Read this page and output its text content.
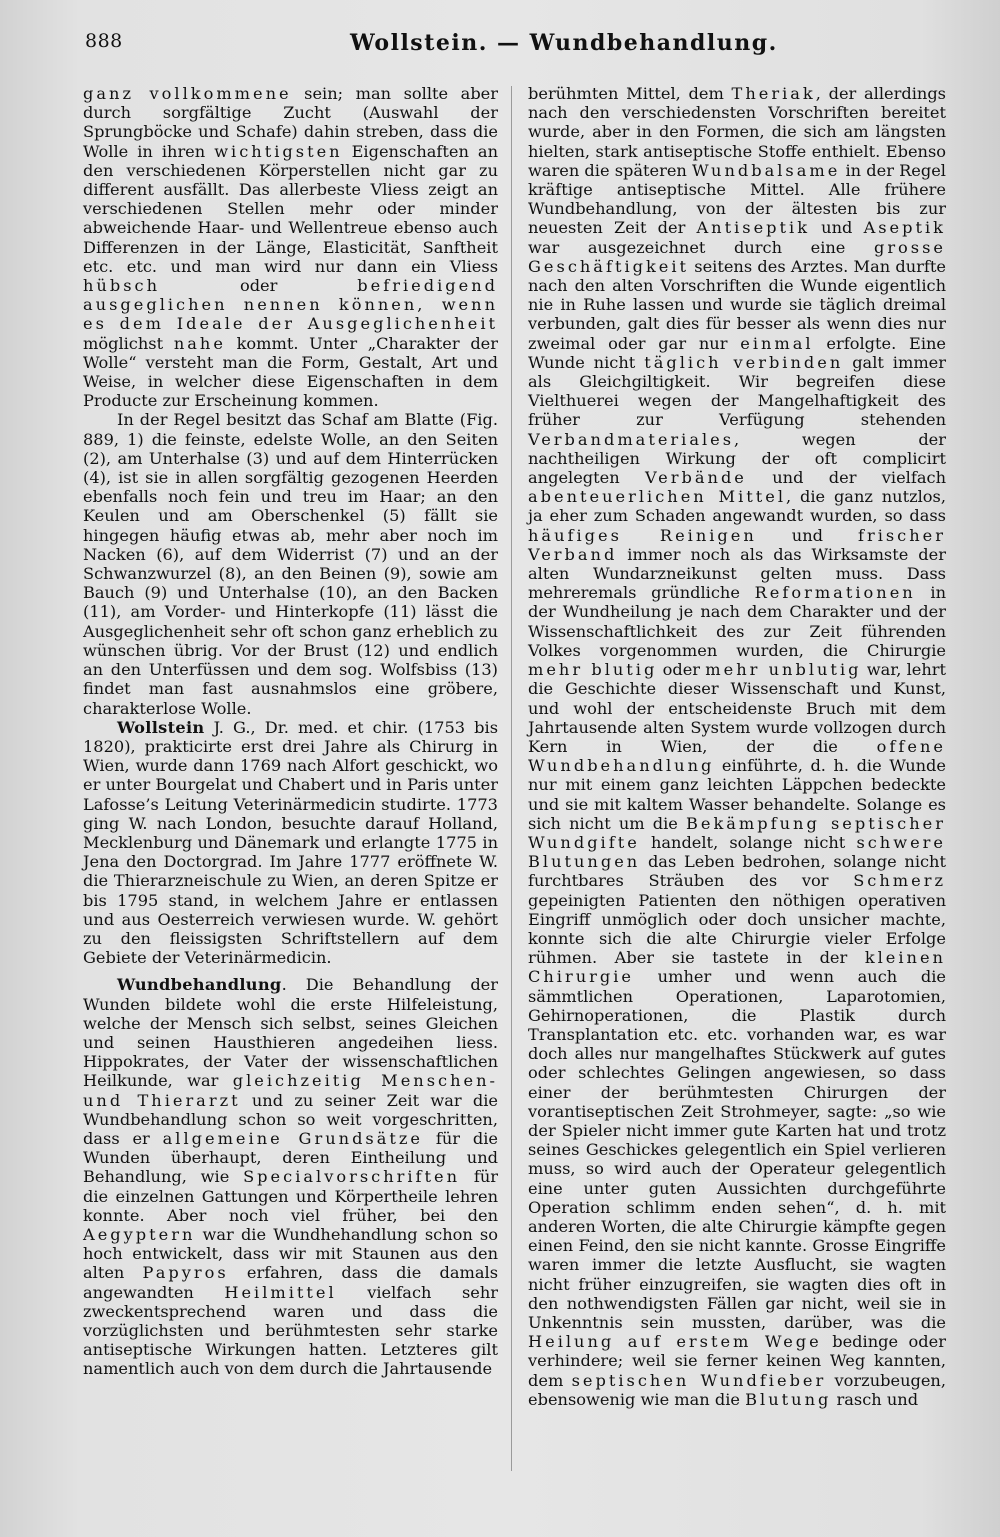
888	Wollstein. — Wundbehandlung.

ganz vollkommene sein; man sollte aber durch sorgfältige Zucht (Auswahl der Sprungböcke und Schafe) dahin streben, dass die Wolle in ihren wichtigsten Eigenschaften an den verschiedenen Körperstellen nicht gar zu different ausfällt. Das allerbeste Vliess zeigt an verschiedenen Stellen mehr oder minder abweichende Haar- und Wellentreue ebenso auch Differenzen in der Länge, Elasticität, Sanftheit etc. etc. und man wird nur dann ein Vliess hübsch oder befriedigend ausgeglichen nennen können, wenn es dem Ideale der Ausgeglichenheit möglichst nahe kommt. Unter „Charakter der Wolle“ versteht man die Form, Gestalt, Art und Weise, in welcher diese Eigenschaften in dem Producte zur Erscheinung kommen.

In der Regel besitzt das Schaf am Blatte (Fig. 889, 1) die feinste, edelste Wolle, an den Seiten (2), am Unterhalse (3) und auf dem Hinterrücken (4), ist sie in allen sorgfältig gezogenen Heerden ebenfalls noch fein und treu im Haar; an den Keulen und am Oberschenkel (5) fällt sie hingegen häufig etwas ab, mehr aber noch im Nacken (6), auf dem Widerrist (7) und an der Schwanzwurzel (8), an den Beinen (9), sowie am Bauch (9) und Unterhalse (10), an den Backen (11), am Vorder- und Hinterkopfe (11) lässt die Ausgeglichenheit sehr oft schon ganz erheblich zu wünschen übrig. Vor der Brust (12) und endlich an den Unterfüssen und dem sog. Wolfsbiss (13) findet man fast ausnahmslos eine gröbere, charakterlose Wolle.

Wollstein J. G., Dr. med. et chir. (1753 bis 1820), prakticirte erst drei Jahre als Chirurg in Wien, wurde dann 1769 nach Alfort geschickt, wo er unter Bourgelat und Chabert und in Paris unter Lafosse’s Leitung Veterinärmedicin studirte. 1773 ging W. nach London, besuchte darauf Holland, Mecklenburg und Dänemark und erlangte 1775 in Jena den Doctorgrad. Im Jahre 1777 eröffnete W. die Thierarzneischule zu Wien, an deren Spitze er bis 1795 stand, in welchem Jahre er entlassen und aus Oesterreich verwiesen wurde. W. gehört zu den fleissigsten Schriftstellern auf dem Gebiete der Veterinärmedicin.

Wundbehandlung. Die Behandlung der Wunden bildete wohl die erste Hilfeleistung, welche der Mensch sich selbst, seines Gleichen und seinen Hausthieren angedeihen liess. Hippokrates, der Vater der wissenschaftlichen Heilkunde, war gleichzeitig Menschen- und Thierarzt und zu seiner Zeit war die Wundbehandlung schon so weit vorgeschritten, dass er allgemeine Grundsätze für die Wunden überhaupt, deren Eintheilung und Behandlung, wie Specialvorschriften für die einzelnen Gattungen und Körpertheile lehren konnte. Aber noch viel früher, bei den Aegyptern war die Wundhehandlung schon so hoch entwickelt, dass wir mit Staunen aus den alten Papyros erfahren, dass die damals angewandten Heilmittel vielfach sehr zweckentsprechend waren und dass die vorzüglichsten und berühmtesten sehr starke antiseptische Wirkungen hatten. Letzteres gilt namentlich auch von dem durch die Jahrtausende

berühmten Mittel, dem Theriak, der allerdings nach den verschiedensten Vorschriften bereitet wurde, aber in den Formen, die sich am längsten hielten, stark antiseptische Stoffe enthielt. Ebenso waren die späteren Wundbalsame in der Regel kräftige antiseptische Mittel. Alle frühere Wundbehandlung, von der ältesten bis zur neuesten Zeit der Antiseptik und Aseptik war ausgezeichnet durch eine grosse Geschäftigkeit seitens des Arztes. Man durfte nach den alten Vorschriften die Wunde eigentlich nie in Ruhe lassen und wurde sie täglich dreimal verbunden, galt dies für besser als wenn dies nur zweimal oder gar nur einmal erfolgte. Eine Wunde nicht täglich verbinden galt immer als Gleichgiltigkeit. Wir begreifen diese Vielthuerei wegen der Mangelhaftigkeit des früher zur Verfügung stehenden Verbandmateriales, wegen der nachtheiligen Wirkung der oft complicirt angelegten Verbände und der vielfach abenteuerlichen Mittel, die ganz nutzlos, ja eher zum Schaden angewandt wurden, so dass häufiges Reinigen und frischer Verband immer noch als das Wirksamste der alten Wundarzneikunst gelten muss. Dass mehreremals gründliche Reformationen in der Wundheilung je nach dem Charakter und der Wissenschaftlichkeit des zur Zeit führenden Volkes vorgenommen wurden, die Chirurgie mehr blutig oder mehr unblutig war, lehrt die Geschichte dieser Wissenschaft und Kunst, und wohl der entscheidenste Bruch mit dem Jahrtausende alten System wurde vollzogen durch Kern in Wien, der die offene Wundbehandlung einführte, d. h. die Wunde nur mit einem ganz leichten Läppchen bedeckte und sie mit kaltem Wasser behandelte. Solange es sich nicht um die Bekämpfung septischer Wundgifte handelt, solange nicht schwere Blutungen das Leben bedrohen, solange nicht furchtbares Sträuben des vor Schmerz gepeinigten Patienten den nöthigen operativen Eingriff unmöglich oder doch unsicher machte, konnte sich die alte Chirurgie vieler Erfolge rühmen. Aber sie tastete in der kleinen Chirurgie umher und wenn auch die sämmtlichen Operationen, Laparotomien, Gehirnoperationen, die Plastik durch Transplantation etc. etc. vorhanden war, es war doch alles nur mangelhaftes Stückwerk auf gutes oder schlechtes Gelingen angewiesen, so dass einer der berühmtesten Chirurgen der vorantiseptischen Zeit Strohmeyer, sagte: „so wie der Spieler nicht immer gute Karten hat und trotz seines Geschickes gelegentlich ein Spiel verlieren muss, so wird auch der Operateur gelegentlich eine unter guten Aussichten durchgeführte Operation schlimm enden sehen“, d. h. mit anderen Worten, die alte Chirurgie kämpfte gegen einen Feind, den sie nicht kannte. Grosse Eingriffe waren immer die letzte Ausflucht, sie wagten nicht früher einzugreifen, sie wagten dies oft in den nothwendigsten Fällen gar nicht, weil sie in Unkenntnis sein mussten, darüber, was die Heilung auf erstem Wege bedinge oder verhindere; weil sie ferner keinen Weg kannten, dem septischen Wundfieber vorzubeugen, ebensowenig wie man die Blutung rasch und
